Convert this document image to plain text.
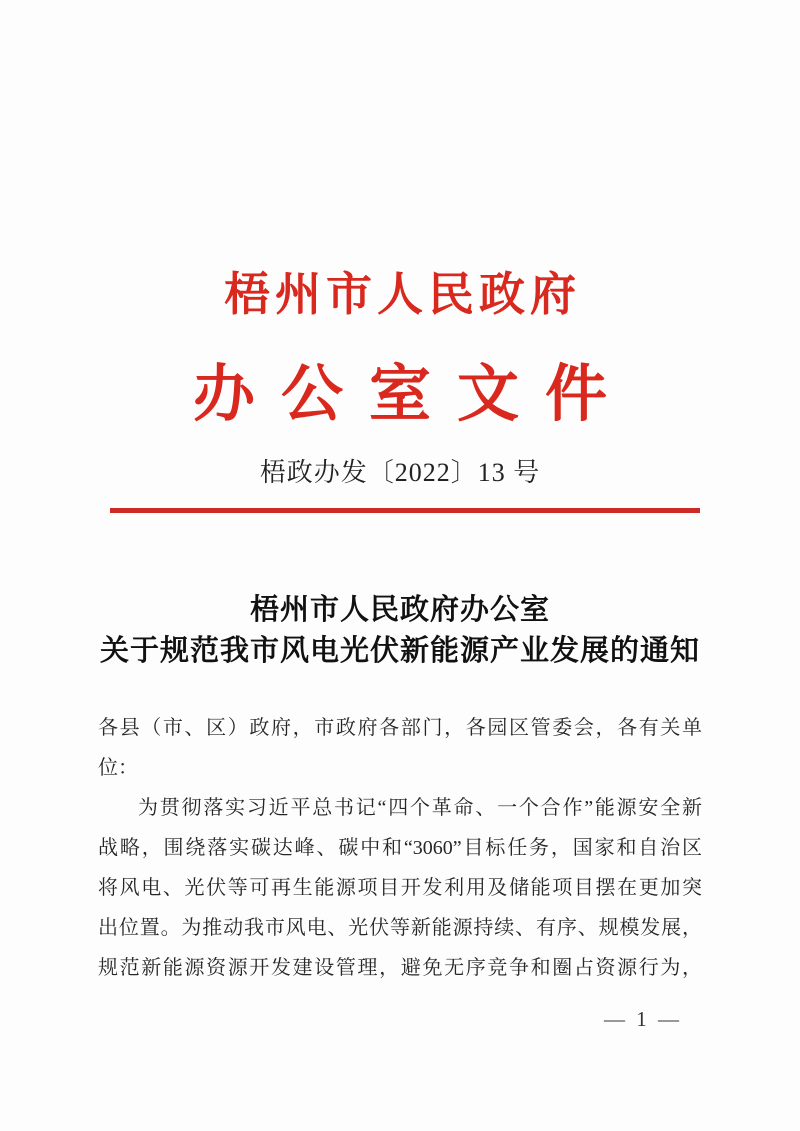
梧州市人民政府
办公室文件
梧政办发〔2022〕13 号
梧州市人民政府办公室
关于规范我市风电光伏新能源产业发展的通知
各县（市、区）政府，市政府各部门，各园区管委会，各有关单
位：
为贯彻落实习近平总书记“四个革命、一个合作”能源安全新
战略，围绕落实碳达峰、碳中和“3060”目标任务，国家和自治区
将风电、光伏等可再生能源项目开发利用及储能项目摆在更加突
出位置。为推动我市风电、光伏等新能源持续、有序、规模发展，
规范新能源资源开发建设管理，避免无序竞争和圈占资源行为，
— 1 —
